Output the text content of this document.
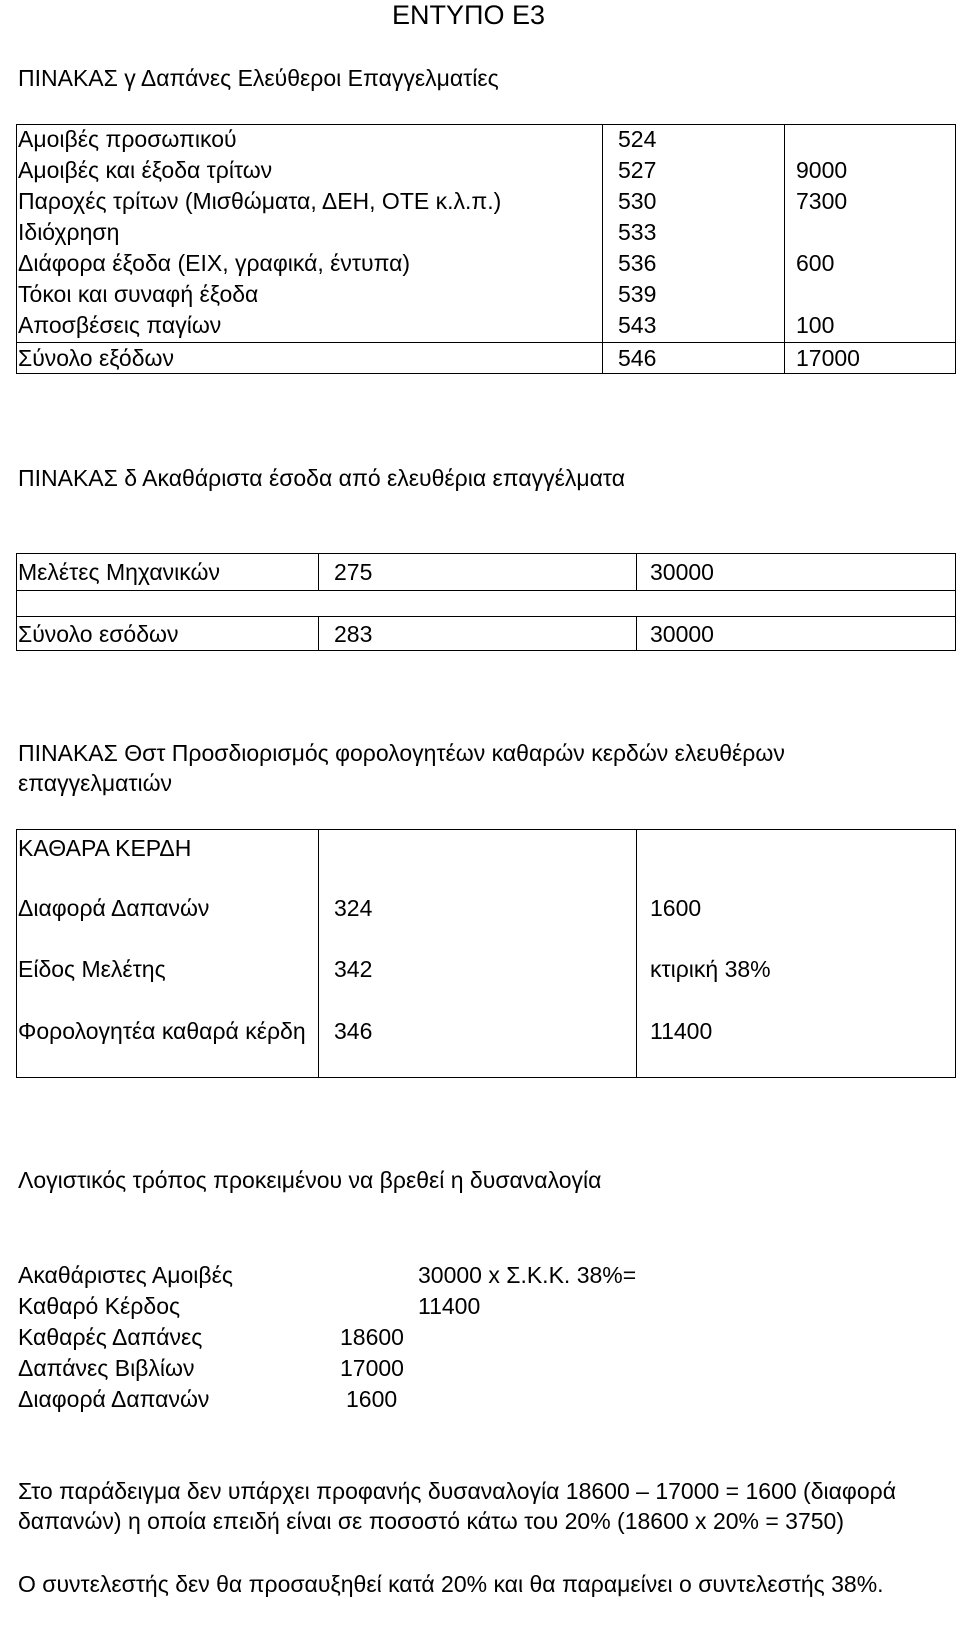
ΕΝΤΥΠΟ Ε3
ΠΙΝΑΚΑΣ γ Δαπάνες Ελεύθεροι Επαγγελματίες
Αμοιβές προσωπικού	524
Αμοιβές και έξοδα τρίτων	527	9000
Παροχές τρίτων (Μισθώματα, ΔΕΗ, ΟΤΕ κ.λ.π.)	530	7300
Ιδιόχρηση	533
Διάφορα έξοδα (ΕΙΧ, γραφικά, έντυπα)	536	600
Τόκοι και συναφή έξοδα	539
Αποσβέσεις παγίων	543	100
Σύνολο εξόδων	546	17000
ΠΙΝΑΚΑΣ δ Ακαθάριστα έσοδα από ελευθέρια επαγγέλματα
Μελέτες Μηχανικών	275	30000
Σύνολο εσόδων	283	30000
ΠΙΝΑΚΑΣ Θστ Προσδιορισμός φορολογητέων καθαρών κερδών ελευθέρων επαγγελματιών
ΚΑΘΑΡΑ ΚΕΡΔΗ
Διαφορά Δαπανών	324	1600
Είδος Μελέτης	342	κτιρική 38%
Φορολογητέα καθαρά κέρδη 346	11400
Λογιστικός τρόπος προκειμένου να βρεθεί η δυσαναλογία
Ακαθάριστες Αμοιβές	30000 x Σ.Κ.Κ. 38%=
Καθαρό Κέρδος	11400
Καθαρές Δαπάνες	18600
Δαπάνες Βιβλίων	17000
Διαφορά Δαπανών	1600
Στο παράδειγμα δεν υπάρχει προφανής δυσαναλογία 18600 – 17000 = 1600 (διαφορά δαπανών) η οποία επειδή είναι σε ποσοστό κάτω του 20% (18600 x 20% = 3750)
Ο συντελεστής δεν θα προσαυξηθεί κατά 20% και θα παραμείνει ο συντελεστής 38%.
